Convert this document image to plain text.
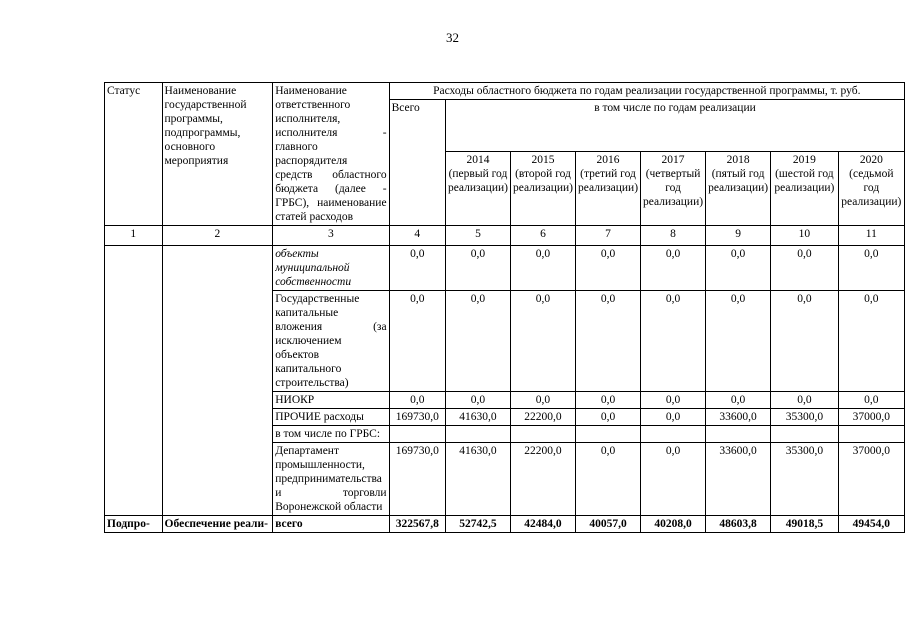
32
Статус	Наименование государственной программы, подпрограммы, основного мероприятия	Наименование ответственного исполнителя, исполнителя - главного распорядителя средств областного бюджета (далее - ГРБС), наименование статей расходов	Расходы областного бюджета по годам реализации государственной программы, т. руб.							
			Всего	в том числе по годам реализации						
				2014 (первый год реализации)	2015 (второй год реализации)	2016 (третий год реализации)	2017 (четвертый год реализации)	2018 (пятый год реализации)	2019 (шестой год реализации)	2020 (седьмой год реализации)
1	2	3	4	5	6	7	8	9	10	11
		объекты муниципальной собственности	0,0	0,0	0,0	0,0	0,0	0,0	0,0	0,0
		Государственные капитальные вложения (за исключением объектов капитального строительства)	0,0	0,0	0,0	0,0	0,0	0,0	0,0	0,0
		НИОКР	0,0	0,0	0,0	0,0	0,0	0,0	0,0	0,0
		ПРОЧИЕ расходы	169730,0	41630,0	22200,0	0,0	0,0	33600,0	35300,0	37000,0
		в том числе по ГРБС:								
		Департамент промышленности, предпринимательства и торговли Воронежской области	169730,0	41630,0	22200,0	0,0	0,0	33600,0	35300,0	37000,0
Подпро-	Обеспечение реали-	всего	322567,8	52742,5	42484,0	40057,0	40208,0	48603,8	49018,5	49454,0
